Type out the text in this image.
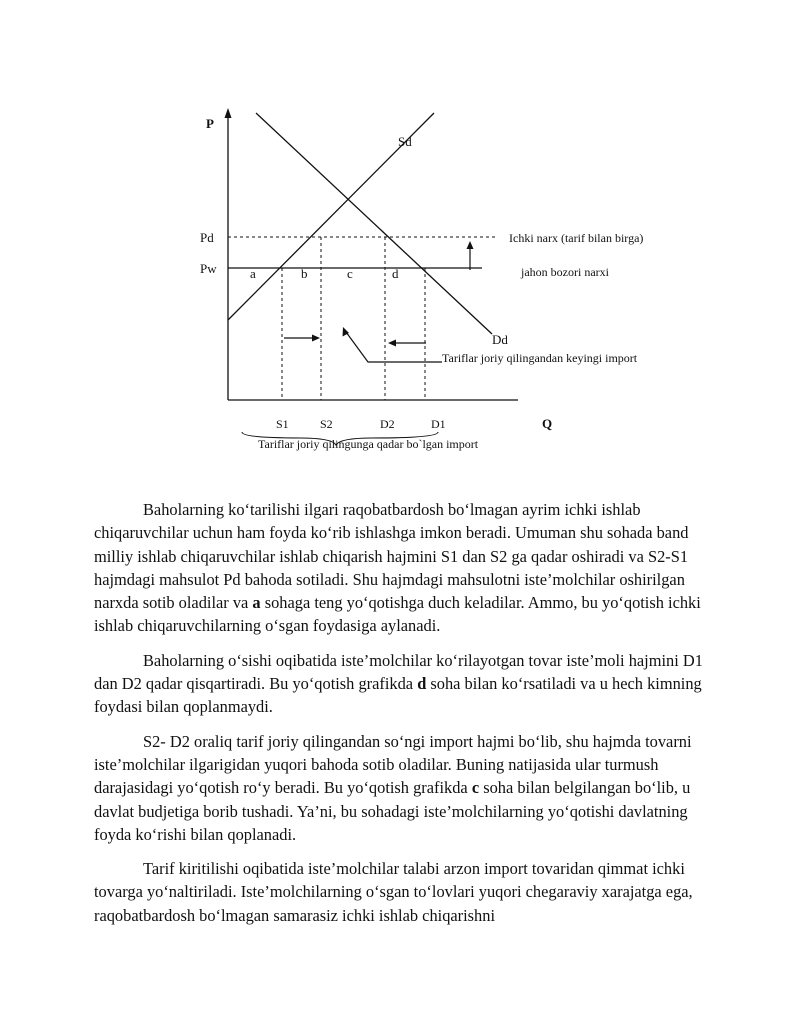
P
Q
Sd
Dd
Pd
Pw
Ichki narx (tarif bilan birga)
jahon bozori narxi
a	b	c	d
Tariflar joriy qilingandan keyingi import
S1	S2	D2	D1
Tariflar joriy qilingunga qadar bo`lgan import

Baholarning ko‘tarilishi ilgari raqobatbardosh bo‘lmagan ayrim ichki ishlab chiqaruvchilar uchun ham foyda ko‘rib ishlashga imkon beradi. Umuman shu sohada band milliy ishlab chiqaruvchilar ishlab chiqarish hajmini S1 dan S2 ga qadar oshiradi va S2-S1 hajmdagi mahsulot Pd bahoda sotiladi. Shu hajmdagi mahsulotni iste’molchilar oshirilgan narxda sotib oladilar va a sohaga teng yo‘qotishga duch keladilar. Ammo, bu yo‘qotish ichki ishlab chiqaruvchilarning o‘sgan foydasiga aylanadi.

Baholarning o‘sishi oqibatida iste’molchilar ko‘rilayotgan tovar iste’moli hajmini D1 dan D2 qadar qisqartiradi. Bu yo‘qotish grafikda d soha bilan ko‘rsatiladi va u hech kimning foydasi bilan qoplanmaydi.

S2- D2 oraliq tarif joriy qilingandan so‘ngi import hajmi bo‘lib, shu hajmda tovarni iste’molchilar ilgarigidan yuqori bahoda sotib oladilar. Buning natijasida ular turmush darajasidagi yo‘qotish ro‘y beradi. Bu yo‘qotish grafikda c soha bilan belgilangan bo‘lib, u davlat budjetiga borib tushadi. Ya’ni, bu sohadagi iste’molchilarning yo‘qotishi davlatning foyda ko‘rishi bilan qoplanadi.

Tarif kiritilishi oqibatida iste’molchilar talabi arzon import tovaridan qimmat ichki tovarga yo‘naltiriladi. Iste’molchilarning o‘sgan to‘lovlari yuqori chegaraviy xarajatga ega, raqobatbardosh bo‘lmagan samarasiz ichki ishlab chiqarishni
